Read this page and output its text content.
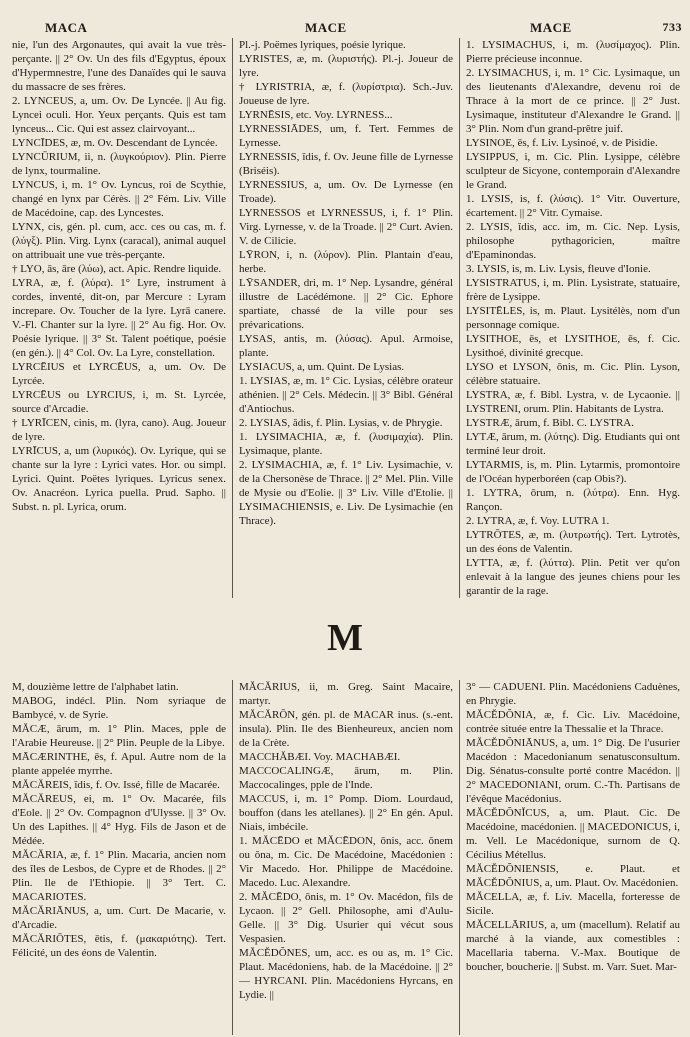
MACA	MACE	MACE	733

nie, l'un des Argonautes, qui avait la vue très-perçante. || 2° Ov. Un des fils d'Egyptus, époux d'Hypermnestre, l'une des Danaïdes qui le sauva du massacre de ses frères.

2. LYNCEUS, a, um. Ov. De Lyncée. || Au fig. Lyncei oculi. Hor. Yeux perçants. Quis est tam lynceus... Cic. Qui est assez clairvoyant...

LYNCĪDES, æ, m. Ov. Descendant de Lyncée.

LYNCŪRIUM, ii, n. (λυγκούριον). Plin. Pierre de lynx, tourmaline.

LYNCUS, i, m. 1° Ov. Lyncus, roi de Scythie, changé en lynx par Cérès. || 2° Fém. Liv. Ville de Macédoine, cap. des Lyncestes.

LYNX, cis, gén. pl. cum, acc. ces ou cas, m. f. (λύγξ). Plin. Virg. Lynx (caracal), animal auquel on attribuait une vue très-perçante.

† LYO, ās, āre (λύω), act. Apic. Rendre liquide.

LYRA, æ, f. (λύρα). 1° Lyre, instrument à cordes, inventé, dit-on, par Mercure : Lyram increpare. Ov. Toucher de la lyre. Lyrā canere. V.-Fl. Chanter sur la lyre. || 2° Au fig. Hor. Ov. Poésie lyrique. || 3° St. Talent poétique, poésie (en gén.). || 4° Col. Ov. La Lyre, constellation.

LYRCĒIUS et LYRCĒUS, a, um. Ov. De Lyrcée.

LYRCĒUS ou LYRCIUS, i, m. St. Lyrcée, source d'Arcadie.

† LYRĪCEN, cinis, m. (lyra, cano). Aug. Joueur de lyre.

LYRĪCUS, a, um (λυρικός). Ov. Lyrique, qui se chante sur la lyre : Lyrici vates. Hor. ou simpl. Lyrici. Quint. Poëtes lyriques. Lyricus senex. Ov. Anacréon. Lyrica puella. Prud. Sapho. || Subst. n. pl. Lyrica, orum.

Pl.-j. Poëmes lyriques, poésie lyrique.

LYRISTES, æ, m. (λυριστής). Pl.-j. Joueur de lyre.

† LYRISTRIA, æ, f. (λυρίστρια). Sch.-Juv. Joueuse de lyre.

LYRNĒSIS, etc. Voy. LYRNESS...

LYRNESSIĀDES, um, f. Tert. Femmes de Lyrnesse.

LYRNESSIS, ĭdis, f. Ov. Jeune fille de Lyrnesse (Briséis).

LYRNESSIUS, a, um. Ov. De Lyrnesse (en Troade).

LYRNESSOS et LYRNESSUS, i, f. 1° Plin. Virg. Lyrnesse, v. de la Troade. || 2° Curt. Avien. V. de Cilicie.

LȲRON, i, n. (λύρον). Plin. Plantain d'eau, herbe.

LȲSANDER, dri, m. 1° Nep. Lysandre, général illustre de Lacédémone. || 2° Cic. Ephore spartiate, chassé de la ville pour ses prévarications.

LYSAS, antis, m. (λύσας). Apul. Armoise, plante.

LYSIACUS, a, um. Quint. De Lysias.

1. LYSIAS, æ, m. 1° Cic. Lysias, célèbre orateur athénien. || 2° Cels. Médecin. || 3° Bibl. Général d'Antiochus.

2. LYSIAS, ădis, f. Plin. Lysias, v. de Phrygie.

1. LYSIMACHIA, æ, f. (λυσιμαχία). Plin. Lysimaque, plante.

2. LYSIMACHIA, æ, f. 1° Liv. Lysimachie, v. de la Chersonèse de Thrace. || 2° Mel. Plin. Ville de Mysie ou d'Eolie. || 3° Liv. Ville d'Etolie. || LYSIMACHIENSIS, e. Liv. De Lysimachie (en Thrace).

1. LYSIMACHUS, i, m. (λυσίμαχος). Plin. Pierre précieuse inconnue.

2. LYSIMACHUS, i, m. 1° Cic. Lysimaque, un des lieutenants d'Alexandre, devenu roi de Thrace à la mort de ce prince. || 2° Just. Lysimaque, instituteur d'Alexandre le Grand. || 3° Plin. Nom d'un grand-prêtre juif.

LYSINOE, ēs, f. Liv. Lysinoé, v. de Pisidie.

LYSIPPUS, i, m. Cic. Plin. Lysippe, célèbre sculpteur de Sicyone, contemporain d'Alexandre le Grand.

1. LYSIS, is, f. (λύσις). 1° Vitr. Ouverture, écartement. || 2° Vitr. Cymaise.

2. LYSIS, ĭdis, acc. im, m. Cic. Nep. Lysis, philosophe pythagoricien, maître d'Epaminondas.

3. LYSIS, is, m. Liv. Lysis, fleuve d'Ionie.

LYSISTRATUS, i, m. Plin. Lysistrate, statuaire, frère de Lysippe.

LYSITĒLES, is, m. Plaut. Lysitélès, nom d'un personnage comique.

LYSITHOE, ēs, et LYSITHOE, ēs, f. Cic. Lysithoé, divinité grecque.

LYSO et LYSON, ōnis, m. Cic. Plin. Lyson, célèbre statuaire.

LYSTRA, æ, f. Bibl. Lystra, v. de Lycaonie. || LYSTRENI, orum. Plin. Habitants de Lystra.

LYSTRÆ, ārum, f. Bibl. C. LYSTRA.

LYTÆ, ārum, m. (λύτης). Dig. Etudiants qui ont terminé leur droit.

LYTARMIS, is, m. Plin. Lytarmis, promontoire de l'Océan hyperboréen (cap Obis?).

1. LYTRA, ōrum, n. (λύτρα). Enn. Hyg. Rançon.

2. LYTRA, æ, f. Voy. LUTRA 1.

LYTRŌTES, æ, m. (λυτρωτής). Tert. Lytrotès, un des éons de Valentin.

LYTTA, æ, f. (λύττα). Plin. Petit ver qu'on enlevait à la langue des jeunes chiens pour les garantir de la rage.

M

M, douzième lettre de l'alphabet latin.

MABOG, indécl. Plin. Nom syriaque de Bambycé, v. de Syrie.

MĂCÆ, ārum, m. 1° Plin. Maces, pple de l'Arabie Heureuse. || 2° Plin. Peuple de la Libye.

MĀCÆRINTHE, ēs, f. Apul. Autre nom de la plante appelée myrrhe.

MĂCĂREIS, ĭdis, f. Ov. Issé, fille de Macarée.

MĂCĂREUS, ei, m. 1° Ov. Macarée, fils d'Eole. || 2° Ov. Compagnon d'Ulysse. || 3° Ov. Un des Lapithes. || 4° Hyg. Fils de Jason et de Médée.

MĂCĂRIA, æ, f. 1° Plin. Macaria, ancien nom des îles de Lesbos, de Cypre et de Rhodes. || 2° Plin. Ile de l'Ethiopie. || 3° Tert. C. MACARIOTES.

MĂCĂRIĀNUS, a, um. Curt. De Macarie, v. d'Arcadie.

MĂCĂRIŌTES, ētis, f. (μακαριότης). Tert. Félicité, un des éons de Valentin.

MĂCĂRIUS, ii, m. Greg. Saint Macaire, martyr.

MĂCĂRŌN, gén. pl. de MACAR inus. (s.-ent. insula). Plin. Ile des Bienheureux, ancien nom de la Crète.

MACCHĂBÆI. Voy. MACHABÆI.

MACCOCALINGÆ, ārum, m. Plin. Maccocalinges, pple de l'Inde.

MACCUS, i, m. 1° Pomp. Diom. Lourdaud, bouffon (dans les atellanes). || 2° En gén. Apul. Niais, imbécile.

1. MĂCĒDO et MĂCĒDON, ōnis, acc. ŏnem ou ŏna, m. Cic. De Macédoine, Macédonien : Vir Macedo. Hor. Philippe de Macédoine. Macedo. Luc. Alexandre.

2. MĂCĒDO, ōnis, m. 1° Ov. Macédon, fils de Lycaon. || 2° Gell. Philosophe, ami d'Aulu-Gelle. || 3° Dig. Usurier qui vécut sous Vespasien.

MĂCĔDŎNES, um, acc. es ou as, m. 1° Cic. Plaut. Macédoniens, hab. de la Macédoine. || 2° — HYRCANI. Plin. Macédoniens Hyrcans, en Lydie. ||

3° — CADUENI. Plin. Macédoniens Caduènes, en Phrygie.

MĂCĔDŎNIA, æ, f. Cic. Liv. Macédoine, contrée située entre la Thessalie et la Thrace.

MĂCĔDŎNIĀNUS, a, um. 1° Dig. De l'usurier Macédon : Macedonianum senatusconsultum. Dig. Sénatus-consulte porté contre Macédon. || 2° MACEDONIANI, orum. C.-Th. Partisans de l'évêque Macédonius.

MĂCĔDŎNĬCUS, a, um. Plaut. Cic. De Macédoine, macédonien. || MACEDONICUS, i, m. Vell. Le Macédonique, surnom de Q. Cécilius Métellus.

MĂCĔDŎNIENSIS, e. Plaut. et MĂCĔDŎNIUS, a, um. Plaut. Ov. Macédonien.

MĂCELLA, æ, f. Liv. Macella, forteresse de Sicile.

MĂCELLĀRIUS, a, um (macellum). Relatif au marché à la viande, aux comestibles : Macellaria taberna. V.-Max. Boutique de boucher, boucherie. || Subst. m. Varr. Suet. Mar-
